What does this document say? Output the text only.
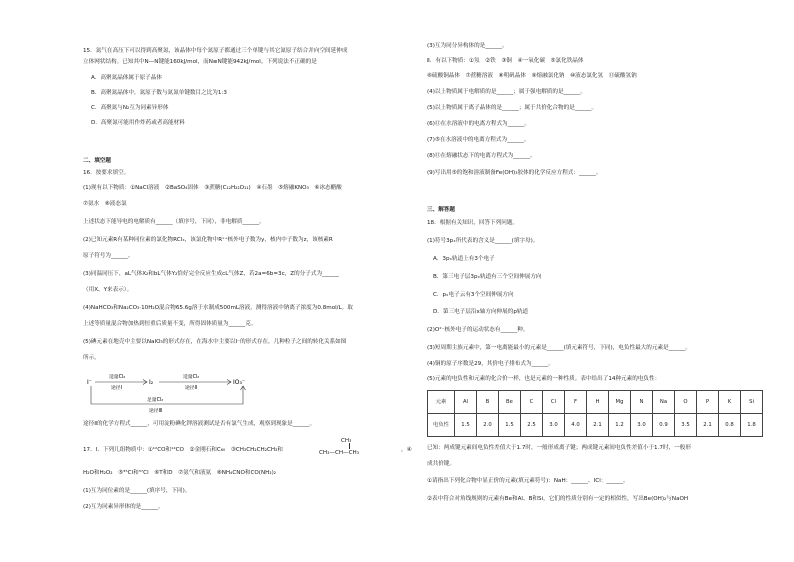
15．氮气在高压下可以得到高聚氮，该晶体中每个氮原子都通过三个单键与其它氮原子结合并向空间延伸成
立体网状结构。已知其中N—N键能160kJ/mol，而N≡N键能942kJ/mol。下列说法不正确的是
A．高聚氮晶体属于原子晶体
B．高聚氮晶体中，氮原子数与氮氮单键数目之比为1:3
C．高聚氮与N₂互为同素异形体
D．高聚氮可能用作炸药或者高能材料
二、填空题
16．按要求填空。
(1)现有以下物质：①NaCl溶液　②BaSO₄固体　③蔗糖(C₁₂H₂₂O₁₁)　④石墨　⑤熔融KNO₃　⑥冰态醋酸
⑦氨水　⑧液态氯
上述状态下能导电的电解质有______（填序号，下同），非电解质______。
(2)已知元素R有某种同位素的氯化物RClₓ，该氯化物中Rˣ⁺核外电子数为y，核内中子数为z，该核素R
原子符号为______。
(3)同温同压下，aL气体X₂和bL气体Y₂恰好完全反应生成cL气体Z，若2a=6b=3c，Z的分子式为______
（用X、Y来表示）。
(4)NaHCO₃和Na₂CO₃·10H₂O混合物65.6g溶于水制成500mL溶液，测得溶液中钠离子浓度为0.8mol/L。取
上述等质量混合物加热到恒重后质量不变，所得固体质量为______克。
(5)碘元素在地壳中主要以NaIO₃的形式存在，在海水中主要以I⁻的形式存在，几种粒子之间的转化关系如图
所示。
I⁻	I₂	IO₃⁻
适量Cl₂
途径Ⅰ
适量Cl₂
途径Ⅱ
足量Cl₂
途径Ⅲ
途径Ⅱ的化学方程式______，可用淀粉碘化钾溶液测试是否有氯气生成，观察到现象是______。
17．Ⅰ．下列几组物质中：①¹²CO和¹⁴CO　②金刚石和C₆₀　③CH₃CH₂CH₂CH₃和
CH₃
CH₃—CH—CH₃	，④
H₂O和H₂O₂　⑤³⁵Cl和³⁷Cl　⑥T和D　⑦氨气和液氨　⑧NH₄CNO和CO(NH₂)₂
(1)互为同位素的是______(填序号，下同)。
(2)互为同素异形体的是______。
(3)互为同分异构体的是______。
Ⅱ．有以下物质：①氖　②铁　③铜　④一氧化碳　⑤氯化铁晶体
⑥硫酸铜晶体　⑦蔗糖溶液　⑧明矾晶体　⑨熔融氯化钠　⑩液态氯化氢　⑪硫酸氢钠
(4)以上物质属于电解质的是______；属于强电解质的是______。
(5)以上物质属于离子晶体的是______；属于共价化合物的是______。
(6)⑪在水溶液中的电离方程式为______。
(7)⑤在水溶液中的电离方程式为______。
(8)⑪在熔融状态下的电离方程式为______。
(9)写出用⑤的饱和溶液制备Fe(OH)₃胶体的化学反应方程式：______。
三、解答题
18．根据有关知识，回答下列问题。
(1)符号3pₓ所代表的含义是______(填字母)。
A．3pₓ轨道上有3个电子
B．第三电子层3pₓ轨道有三个空间伸展方向
C．pₓ电子云有3个空间伸展方向
D．第三电子层沿x轴方向伸展的p轨道
(2)O²⁻核外电子的运动状态有______种。
(3)短周期主族元素中，第一电离能最小的元素是______(填元素符号，下同)，电负性最大的元素是______。
(4)铜的原子序数是29，其价电子排布式为______。
(5)元素的电负性和元素的化合价一样，也是元素的一种性质。表中给出了14种元素的电负性：
元素	Al	B	Be	C	Cl	F	H	Mg	N	Na	O	P	K	Si
电负性	1.5	2.0	1.5	2.5	3.0	4.0	2.1	1.2	3.0	0.9	3.5	2.1	0.8	1.8
已知：两成键元素间电负性差值大于1.7时，一般形成离子键；两成键元素间电负性差值小于1.7时，一般形
成共价键。
①请指出下列化合物中显正价的元素(填元素符号)：NaH：______、ICl：______。
②表中符合对角线规则的元素有Be和Al、B和Si，它们的性质分别有一定的相似性，写出Be(OH)₂与NaOH
